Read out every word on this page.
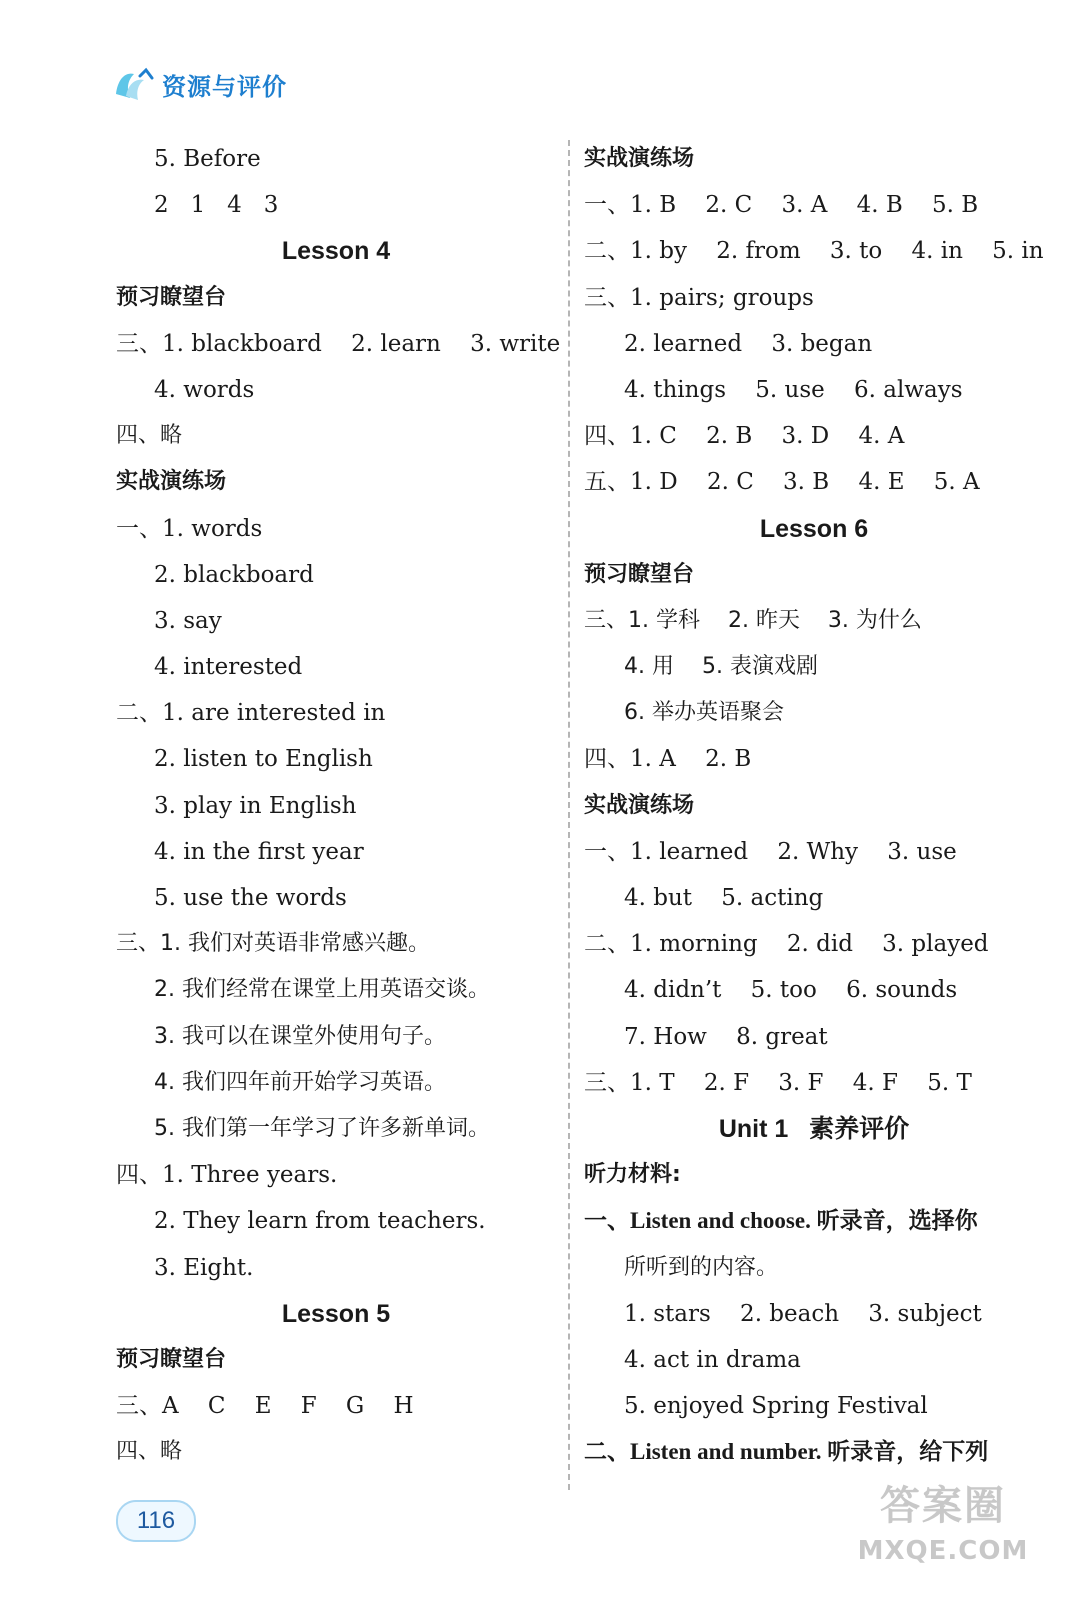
资源与评价
5. Before
2   1   4   3
Lesson 4
预习瞭望台
三、1. blackboard    2. learn    3. write
4. words
四、略
实战演练场
一、1. words
2. blackboard
3. say
4. interested
二、1. are interested in
2. listen to English
3. play in English
4. in the first year
5. use the words
三、1. 我们对英语非常感兴趣。
2. 我们经常在课堂上用英语交谈。
3. 我可以在课堂外使用句子。
4. 我们四年前开始学习英语。
5. 我们第一年学习了许多新单词。
四、1. Three years.
2. They learn from teachers.
3. Eight.
Lesson 5
预习瞭望台
三、A    C    E    F    G    H
四、略
实战演练场
一、1. B    2. C    3. A    4. B    5. B
二、1. by    2. from    3. to    4. in    5. in
三、1. pairs; groups
2. learned    3. began
4. things    5. use    6. always
四、1. C    2. B    3. D    4. A
五、1. D    2. C    3. B    4. E    5. A
Lesson 6
预习瞭望台
三、1. 学科    2. 昨天    3. 为什么
4. 用    5. 表演戏剧
6. 举办英语聚会
四、1. A    2. B
实战演练场
一、1. learned    2. Why    3. use
4. but    5. acting
二、1. morning    2. did    3. played
4. didn’t    5. too    6. sounds
7. How    8. great
三、1. T    2. F    3. F    4. F    5. T
Unit 1   素养评价
听力材料:
一、Listen and choose. 听录音，选择你
所听到的内容。
1. stars    2. beach    3. subject
4. act in drama
5. enjoyed Spring Festival
二、Listen and number. 听录音，给下列
116	答案圈
MXQE.COM
